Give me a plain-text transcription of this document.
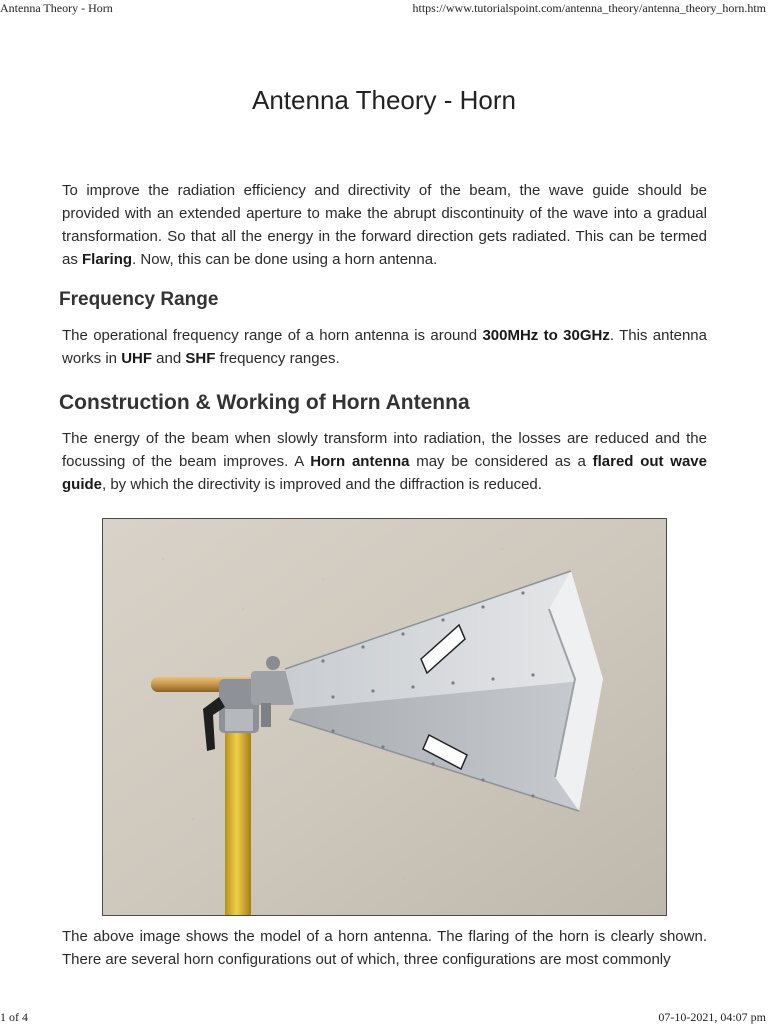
Antenna Theory - Horn	https://www.tutorialspoint.com/antenna_theory/antenna_theory_horn.htm
Antenna Theory - Horn
To improve the radiation efficiency and directivity of the beam, the wave guide should be provided with an extended aperture to make the abrupt discontinuity of the wave into a gradual transformation. So that all the energy in the forward direction gets radiated. This can be termed as Flaring. Now, this can be done using a horn antenna.
Frequency Range
The operational frequency range of a horn antenna is around 300MHz to 30GHz. This antenna works in UHF and SHF frequency ranges.
Construction & Working of Horn Antenna
The energy of the beam when slowly transform into radiation, the losses are reduced and the focussing of the beam improves. A Horn antenna may be considered as a flared out wave guide, by which the directivity is improved and the diffraction is reduced.
The above image shows the model of a horn antenna. The flaring of the horn is clearly shown. There are several horn configurations out of which, three configurations are most commonly
1 of 4	07-10-2021, 04:07 pm
